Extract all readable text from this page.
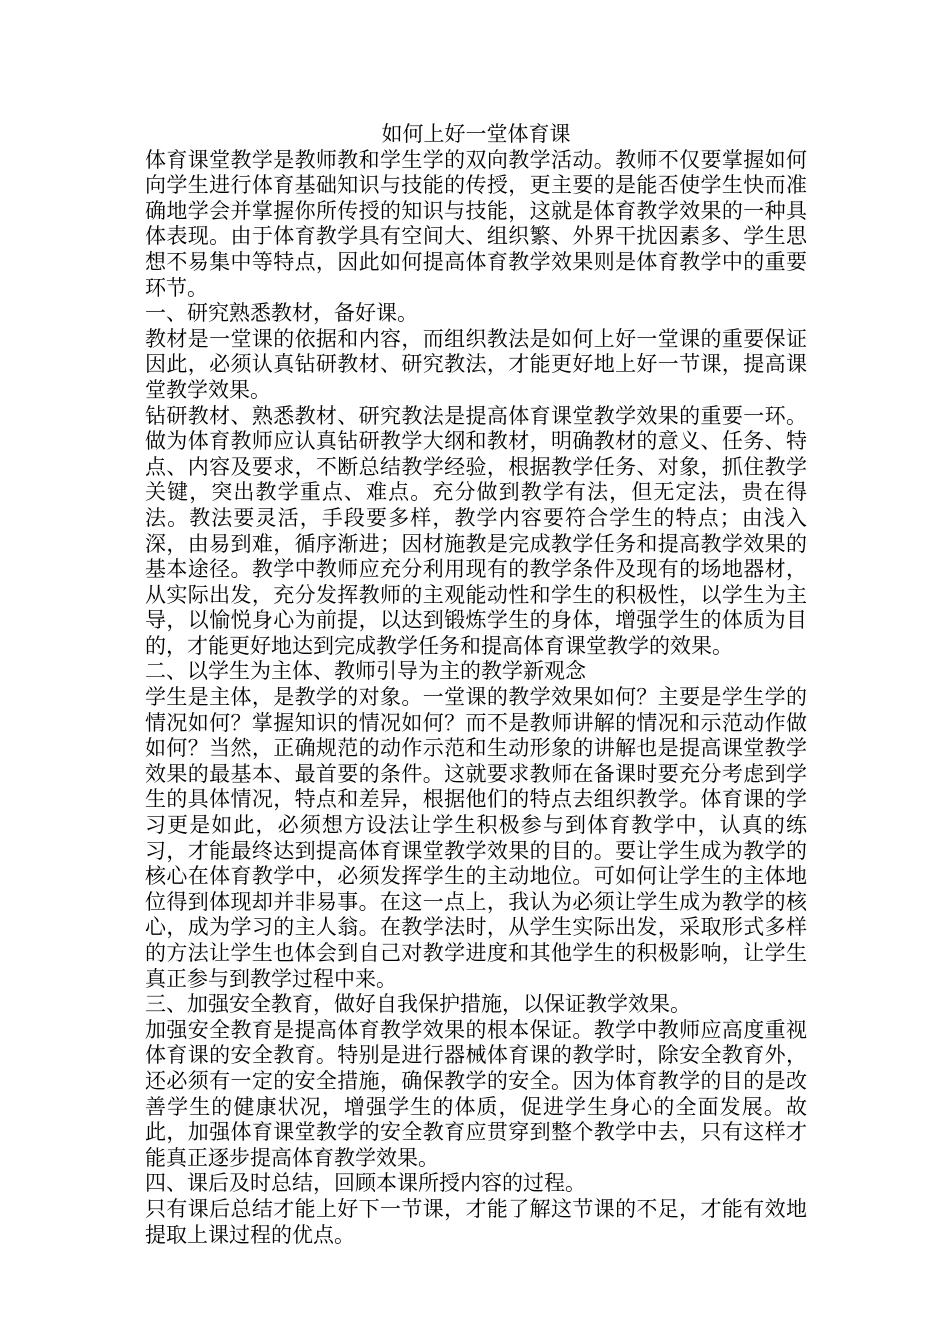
如何上好一堂体育课

体育课堂教学是教师教和学生学的双向教学活动。教师不仅要掌握如何向学生进行体育基础知识与技能的传授，更主要的是能否使学生快而准确地学会并掌握你所传授的知识与技能，这就是体育教学效果的一种具体表现。由于体育教学具有空间大、组织繁、外界干扰因素多、学生思想不易集中等特点，因此如何提高体育教学效果则是体育教学中的重要环节。

一、研究熟悉教材，备好课。

教材是一堂课的依据和内容，而组织教法是如何上好一堂课的重要保证因此，必须认真钻研教材、研究教法，才能更好地上好一节课，提高课堂教学效果。

钻研教材、熟悉教材、研究教法是提高体育课堂教学效果的重要一环。做为体育教师应认真钻研教学大纲和教材，明确教材的意义、任务、特点、内容及要求，不断总结教学经验，根据教学任务、对象，抓住教学关键，突出教学重点、难点。充分做到教学有法，但无定法，贵在得法。教法要灵活，手段要多样，教学内容要符合学生的特点；由浅入深，由易到难，循序渐进；因材施教是完成教学任务和提高教学效果的基本途径。教学中教师应充分利用现有的教学条件及现有的场地器材，从实际出发，充分发挥教师的主观能动性和学生的积极性，以学生为主导，以愉悦身心为前提，以达到锻炼学生的身体，增强学生的体质为目的，才能更好地达到完成教学任务和提高体育课堂教学的效果。

二、以学生为主体、教师引导为主的教学新观念

学生是主体，是教学的对象。一堂课的教学效果如何？主要是学生学的情况如何？掌握知识的情况如何？而不是教师讲解的情况和示范动作做如何？当然，正确规范的动作示范和生动形象的讲解也是提高课堂教学效果的最基本、最首要的条件。这就要求教师在备课时要充分考虑到学生的具体情况，特点和差异，根据他们的特点去组织教学。体育课的学习更是如此，必须想方设法让学生积极参与到体育教学中，认真的练习，才能最终达到提高体育课堂教学效果的目的。要让学生成为教学的核心在体育教学中，必须发挥学生的主动地位。可如何让学生的主体地位得到体现却并非易事。在这一点上，我认为必须让学生成为教学的核心，成为学习的主人翁。在教学法时，从学生实际出发，采取形式多样的方法让学生也体会到自己对教学进度和其他学生的积极影响，让学生真正参与到教学过程中来。

三、加强安全教育，做好自我保护措施，以保证教学效果。

加强安全教育是提高体育教学效果的根本保证。教学中教师应高度重视体育课的安全教育。特别是进行器械体育课的教学时，除安全教育外，还必须有一定的安全措施，确保教学的安全。因为体育教学的目的是改善学生的健康状况，增强学生的体质，促进学生身心的全面发展。故此，加强体育课堂教学的安全教育应贯穿到整个教学中去，只有这样才能真正逐步提高体育教学效果。

四、课后及时总结，回顾本课所授内容的过程。

只有课后总结才能上好下一节课，才能了解这节课的不足，才能有效地提取上课过程的优点。
